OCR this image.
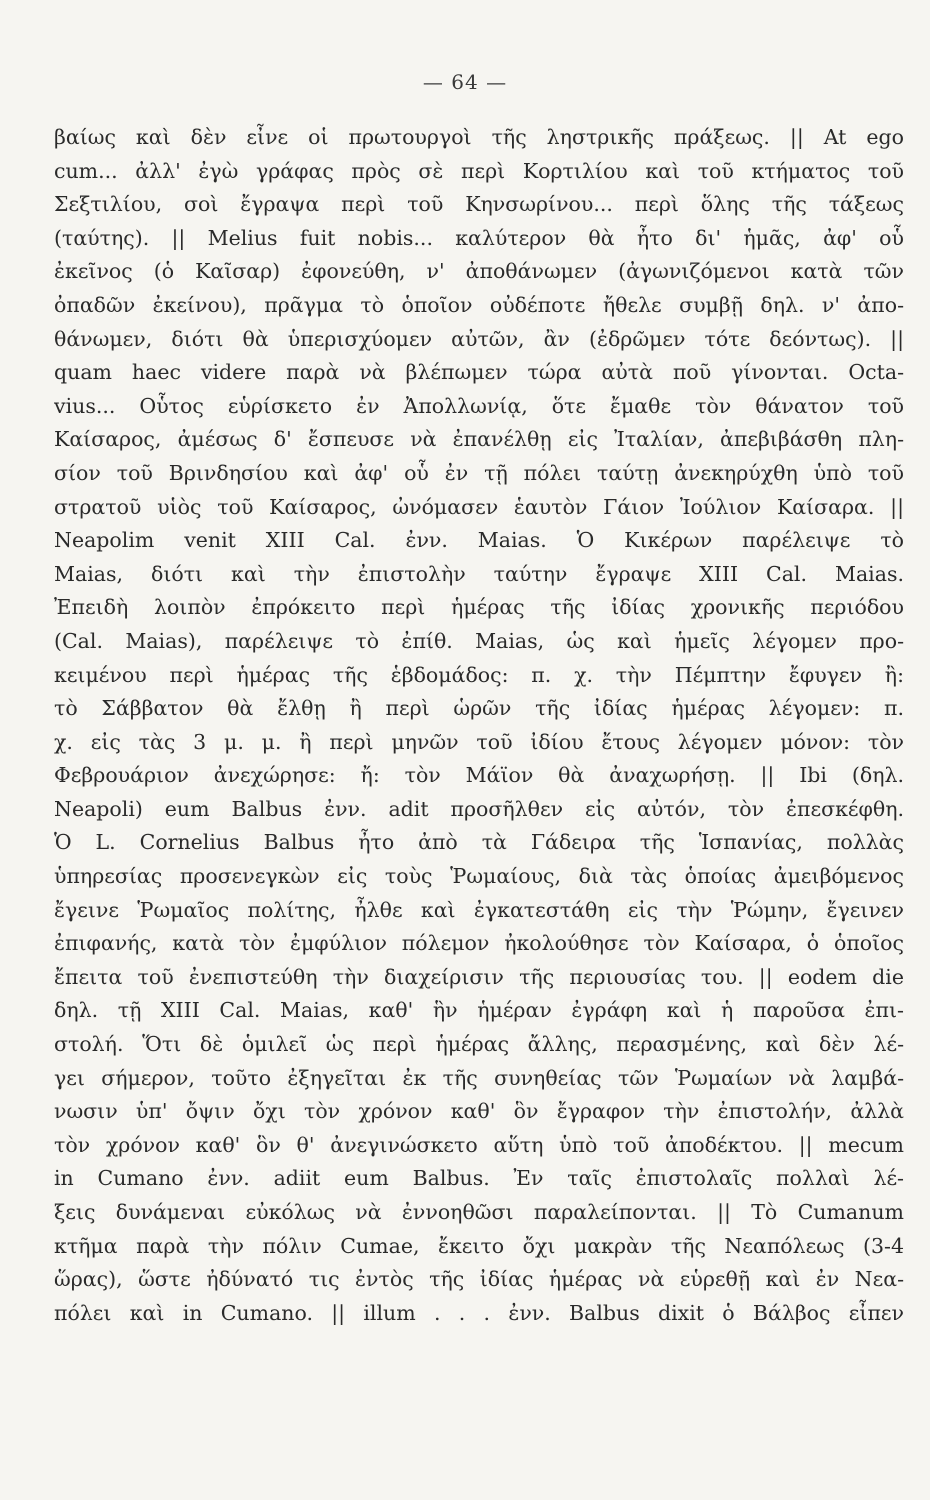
— 64 —
βαίως καὶ δὲν εἶνε οἱ πρωτουργοὶ τῆς ληστρικῆς πράξεως. || At ego
cum... ἀλλ' ἐγὼ γράφας πρὸς σὲ περὶ Κορτιλίου καὶ τοῦ κτήματος τοῦ
Σεξτιλίου, σοὶ ἔγραψα περὶ τοῦ Κηνσωρίνου... περὶ ὅλης τῆς τάξεως
(ταύτης). || Melius fuit nobis... καλύτερον θὰ ἦτο δι' ἡμᾶς, ἀφ' οὗ
ἐκεῖνος (ὁ Καῖσαρ) ἐφονεύθη, ν' ἀποθάνωμεν (ἀγωνιζόμενοι κατὰ τῶν
ὀπαδῶν ἐκείνου), πρᾶγμα τὸ ὁποῖον οὐδέποτε ἤθελε συμβῇ δηλ. ν' ἀπο-
θάνωμεν, διότι θὰ ὑπερισχύομεν αὐτῶν, ἂν (ἐδρῶμεν τότε δεόντως). ||
quam haec videre παρὰ νὰ βλέπωμεν τώρα αὐτὰ ποῦ γίνονται. Octa-
vius... Οὗτος εὑρίσκετο ἐν Ἀπολλωνίᾳ, ὅτε ἔμαθε τὸν θάνατον τοῦ
Καίσαρος, ἀμέσως δ' ἔσπευσε νὰ ἐπανέλθῃ εἰς Ἰταλίαν, ἀπεβιβάσθη πλη-
σίον τοῦ Βρινδησίου καὶ ἀφ' οὗ ἐν τῇ πόλει ταύτῃ ἀνεκηρύχθη ὑπὸ τοῦ
στρατοῦ υἱὸς τοῦ Καίσαρος, ὠνόμασεν ἑαυτὸν Γάιον Ἰούλιον Καίσαρα. ||
Neapolim venit XIII Cal. ἐνν. Maias. Ὁ Κικέρων παρέλειψε τὸ
Maias, διότι καὶ τὴν ἐπιστολὴν ταύτην ἔγραψε XIII Cal. Maias.
Ἐπειδὴ λοιπὸν ἐπρόκειτο περὶ ἡμέρας τῆς ἰδίας χρονικῆς περιόδου
(Cal. Maias), παρέλειψε τὸ ἐπίθ. Maias, ὡς καὶ ἡμεῖς λέγομεν προ-
κειμένου περὶ ἡμέρας τῆς ἑβδομάδος: π. χ. τὴν Πέμπτην ἔφυγεν ἢ:
τὸ Σάββατον θὰ ἔλθῃ ἢ περὶ ὡρῶν τῆς ἰδίας ἡμέρας λέγομεν: π.
χ. εἰς τὰς 3 μ. μ. ἢ περὶ μηνῶν τοῦ ἰδίου ἔτους λέγομεν μόνον: τὸν
Φεβρουάριον ἀνεχώρησε: ἤ: τὸν Μάϊον θὰ ἀναχωρήσῃ. || Ibi (δηλ.
Neapoli) eum Balbus ἐνν. adit προσῆλθεν εἰς αὐτόν, τὸν ἐπεσκέφθη.
Ὁ L. Cornelius Balbus ἦτο ἀπὸ τὰ Γάδειρα τῆς Ἱσπανίας, πολλὰς
ὑπηρεσίας προσενεγκὼν εἰς τοὺς Ῥωμαίους, διὰ τὰς ὁποίας ἀμειβόμενος
ἔγεινε Ῥωμαῖος πολίτης, ἦλθε καὶ ἐγκατεστάθη εἰς τὴν Ῥώμην, ἔγεινεν
ἐπιφανής, κατὰ τὸν ἐμφύλιον πόλεμον ἠκολούθησε τὸν Καίσαρα, ὁ ὁποῖος
ἔπειτα τοῦ ἐνεπιστεύθη τὴν διαχείρισιν τῆς περιουσίας του. || eodem die
δηλ. τῇ XIII Cal. Maias, καθ' ἣν ἡμέραν ἐγράφη καὶ ἡ παροῦσα ἐπι-
στολή. Ὅτι δὲ ὁμιλεῖ ὡς περὶ ἡμέρας ἄλλης, περασμένης, καὶ δὲν λέ-
γει σήμερον, τοῦτο ἐξηγεῖται ἐκ τῆς συνηθείας τῶν Ῥωμαίων νὰ λαμβά-
νωσιν ὑπ' ὄψιν ὄχι τὸν χρόνον καθ' ὃν ἔγραφον τὴν ἐπιστολήν, ἀλλὰ
τὸν χρόνον καθ' ὃν θ' ἀνεγινώσκετο αὕτη ὑπὸ τοῦ ἀποδέκτου. || mecum
in Cumano ἐνν. adiit eum Balbus. Ἐν ταῖς ἐπιστολαῖς πολλαὶ λέ-
ξεις δυνάμεναι εὐκόλως νὰ ἐννοηθῶσι παραλείπονται. || Τὸ Cumanum
κτῆμα παρὰ τὴν πόλιν Cumae, ἔκειτο ὄχι μακρὰν τῆς Νεαπόλεως (3-4
ὥρας), ὥστε ἠδύνατό τις ἐντὸς τῆς ἰδίας ἡμέρας νὰ εὑρεθῇ καὶ ἐν Νεα-
πόλει καὶ in Cumano. || illum . . . ἐνν. Balbus dixit ὁ Βάλβος εἶπεν
